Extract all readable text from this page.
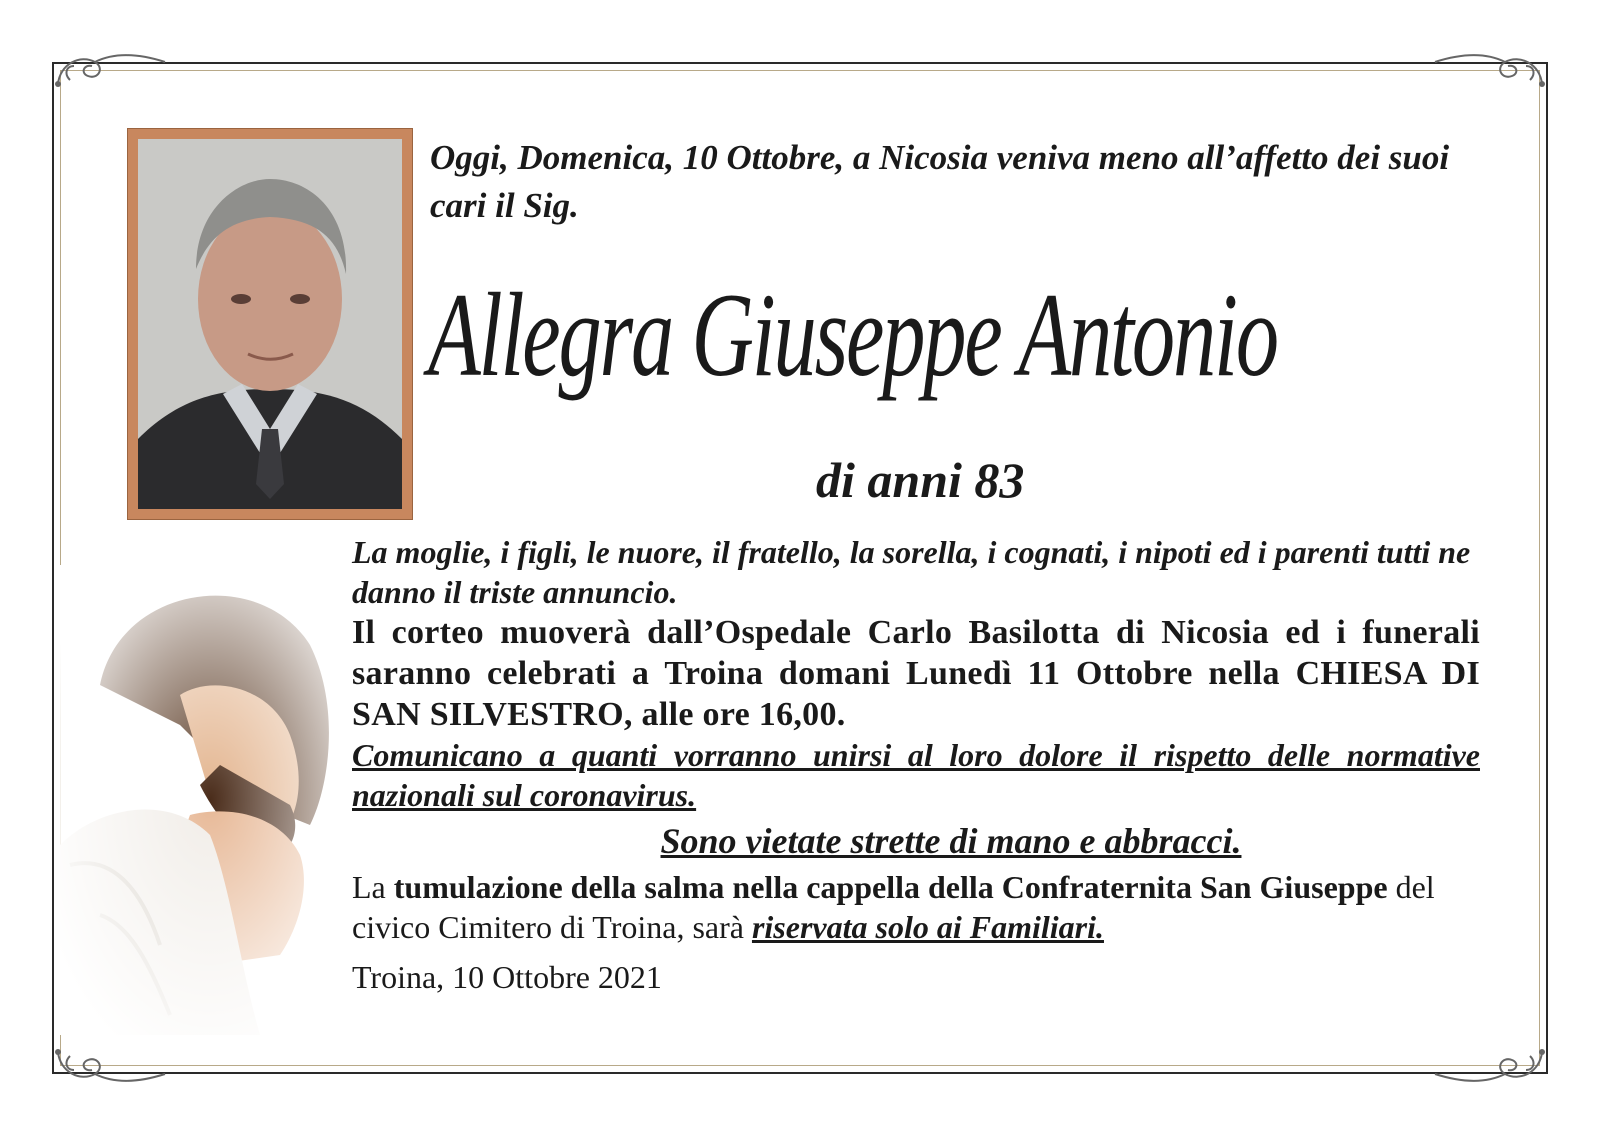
Oggi, Domenica, 10 Ottobre, a Nicosia veniva meno all’affetto dei suoi cari il Sig.
Allegra Giuseppe Antonio
di anni 83
La moglie, i figli, le nuore, il fratello, la sorella, i cognati, i nipoti ed i parenti tutti ne danno il triste annuncio.
Il corteo muoverà dall’Ospedale Carlo Basilotta di Nicosia ed i funerali saranno celebrati a Troina domani Lunedì 11 Ottobre nella CHIESA DI SAN SILVESTRO, alle ore 16,00.
Comunicano a quanti vorranno unirsi al loro dolore il rispetto delle normative nazionali sul coronavirus.
Sono vietate strette di mano e abbracci.
La tumulazione della salma nella cappella della Confraternita San Giuseppe del civico Cimitero di Troina, sarà riservata solo ai Familiari.
Troina, 10 Ottobre 2021
